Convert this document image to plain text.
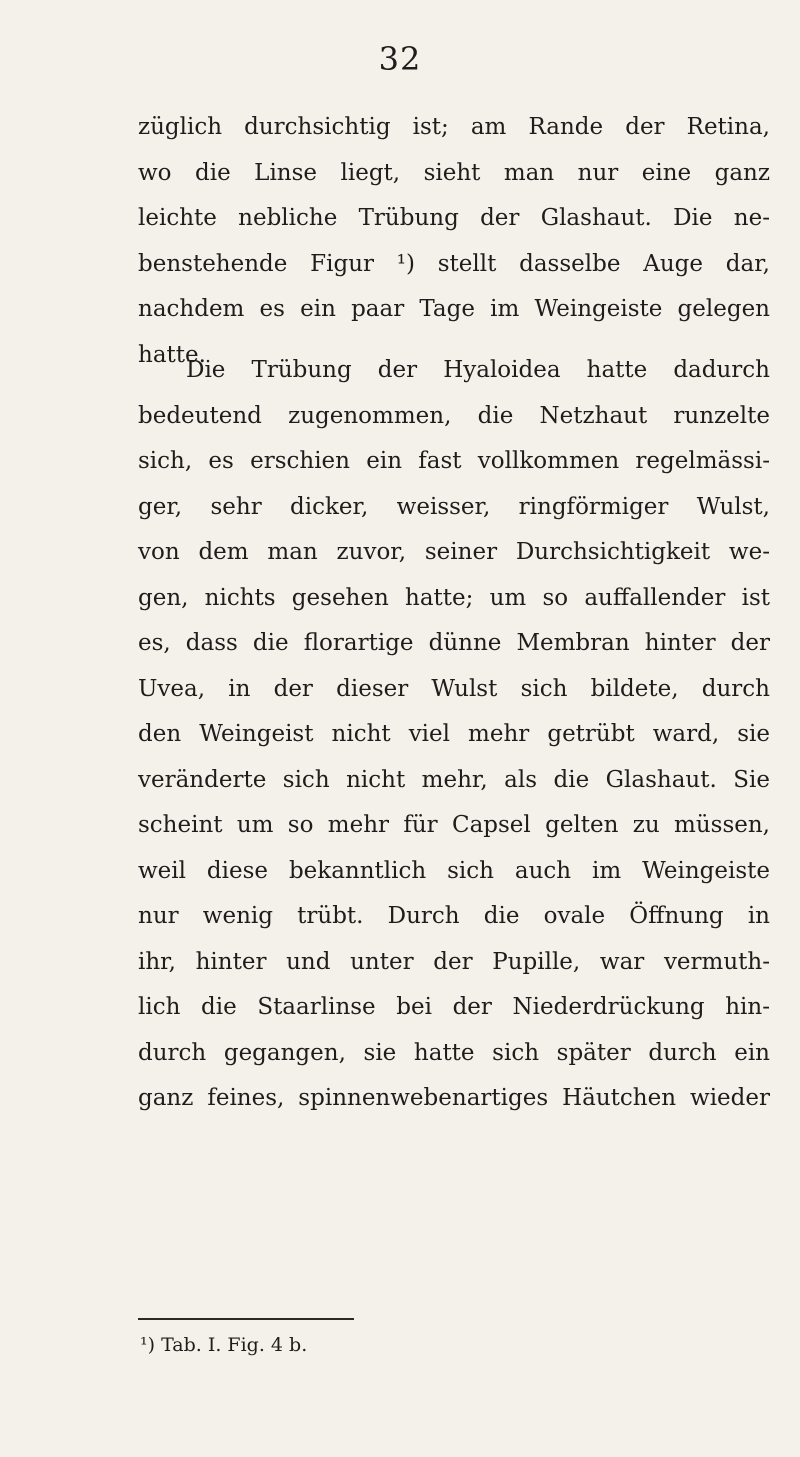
32

züglich durchsichtig ist; am Rande der Retina,
wo die Linse liegt, sieht man nur eine ganz
leichte nebliche Trübung der Glashaut. Die ne-
benstehende Figur ¹) stellt dasselbe Auge dar,
nachdem es ein paar Tage im Weingeiste gelegen
hatte.

Die Trübung der Hyaloidea hatte dadurch
bedeutend zugenommen, die Netzhaut runzelte
sich, es erschien ein fast vollkommen regelmässi-
ger, sehr dicker, weisser, ringförmiger Wulst,
von dem man zuvor, seiner Durchsichtigkeit we-
gen, nichts gesehen hatte; um so auffallender ist
es, dass die florartige dünne Membran hinter der
Uvea, in der dieser Wulst sich bildete, durch
den Weingeist nicht viel mehr getrübt ward, sie
veränderte sich nicht mehr, als die Glashaut. Sie
scheint um so mehr für Capsel gelten zu müssen,
weil diese bekanntlich sich auch im Weingeiste
nur wenig trübt. Durch die ovale Öffnung in
ihr, hinter und unter der Pupille, war vermuth-
lich die Staarlinse bei der Niederdrückung hin-
durch gegangen, sie hatte sich später durch ein
ganz feines, spinnenwebenartiges Häutchen wieder

¹) Tab. I. Fig. 4 b.
